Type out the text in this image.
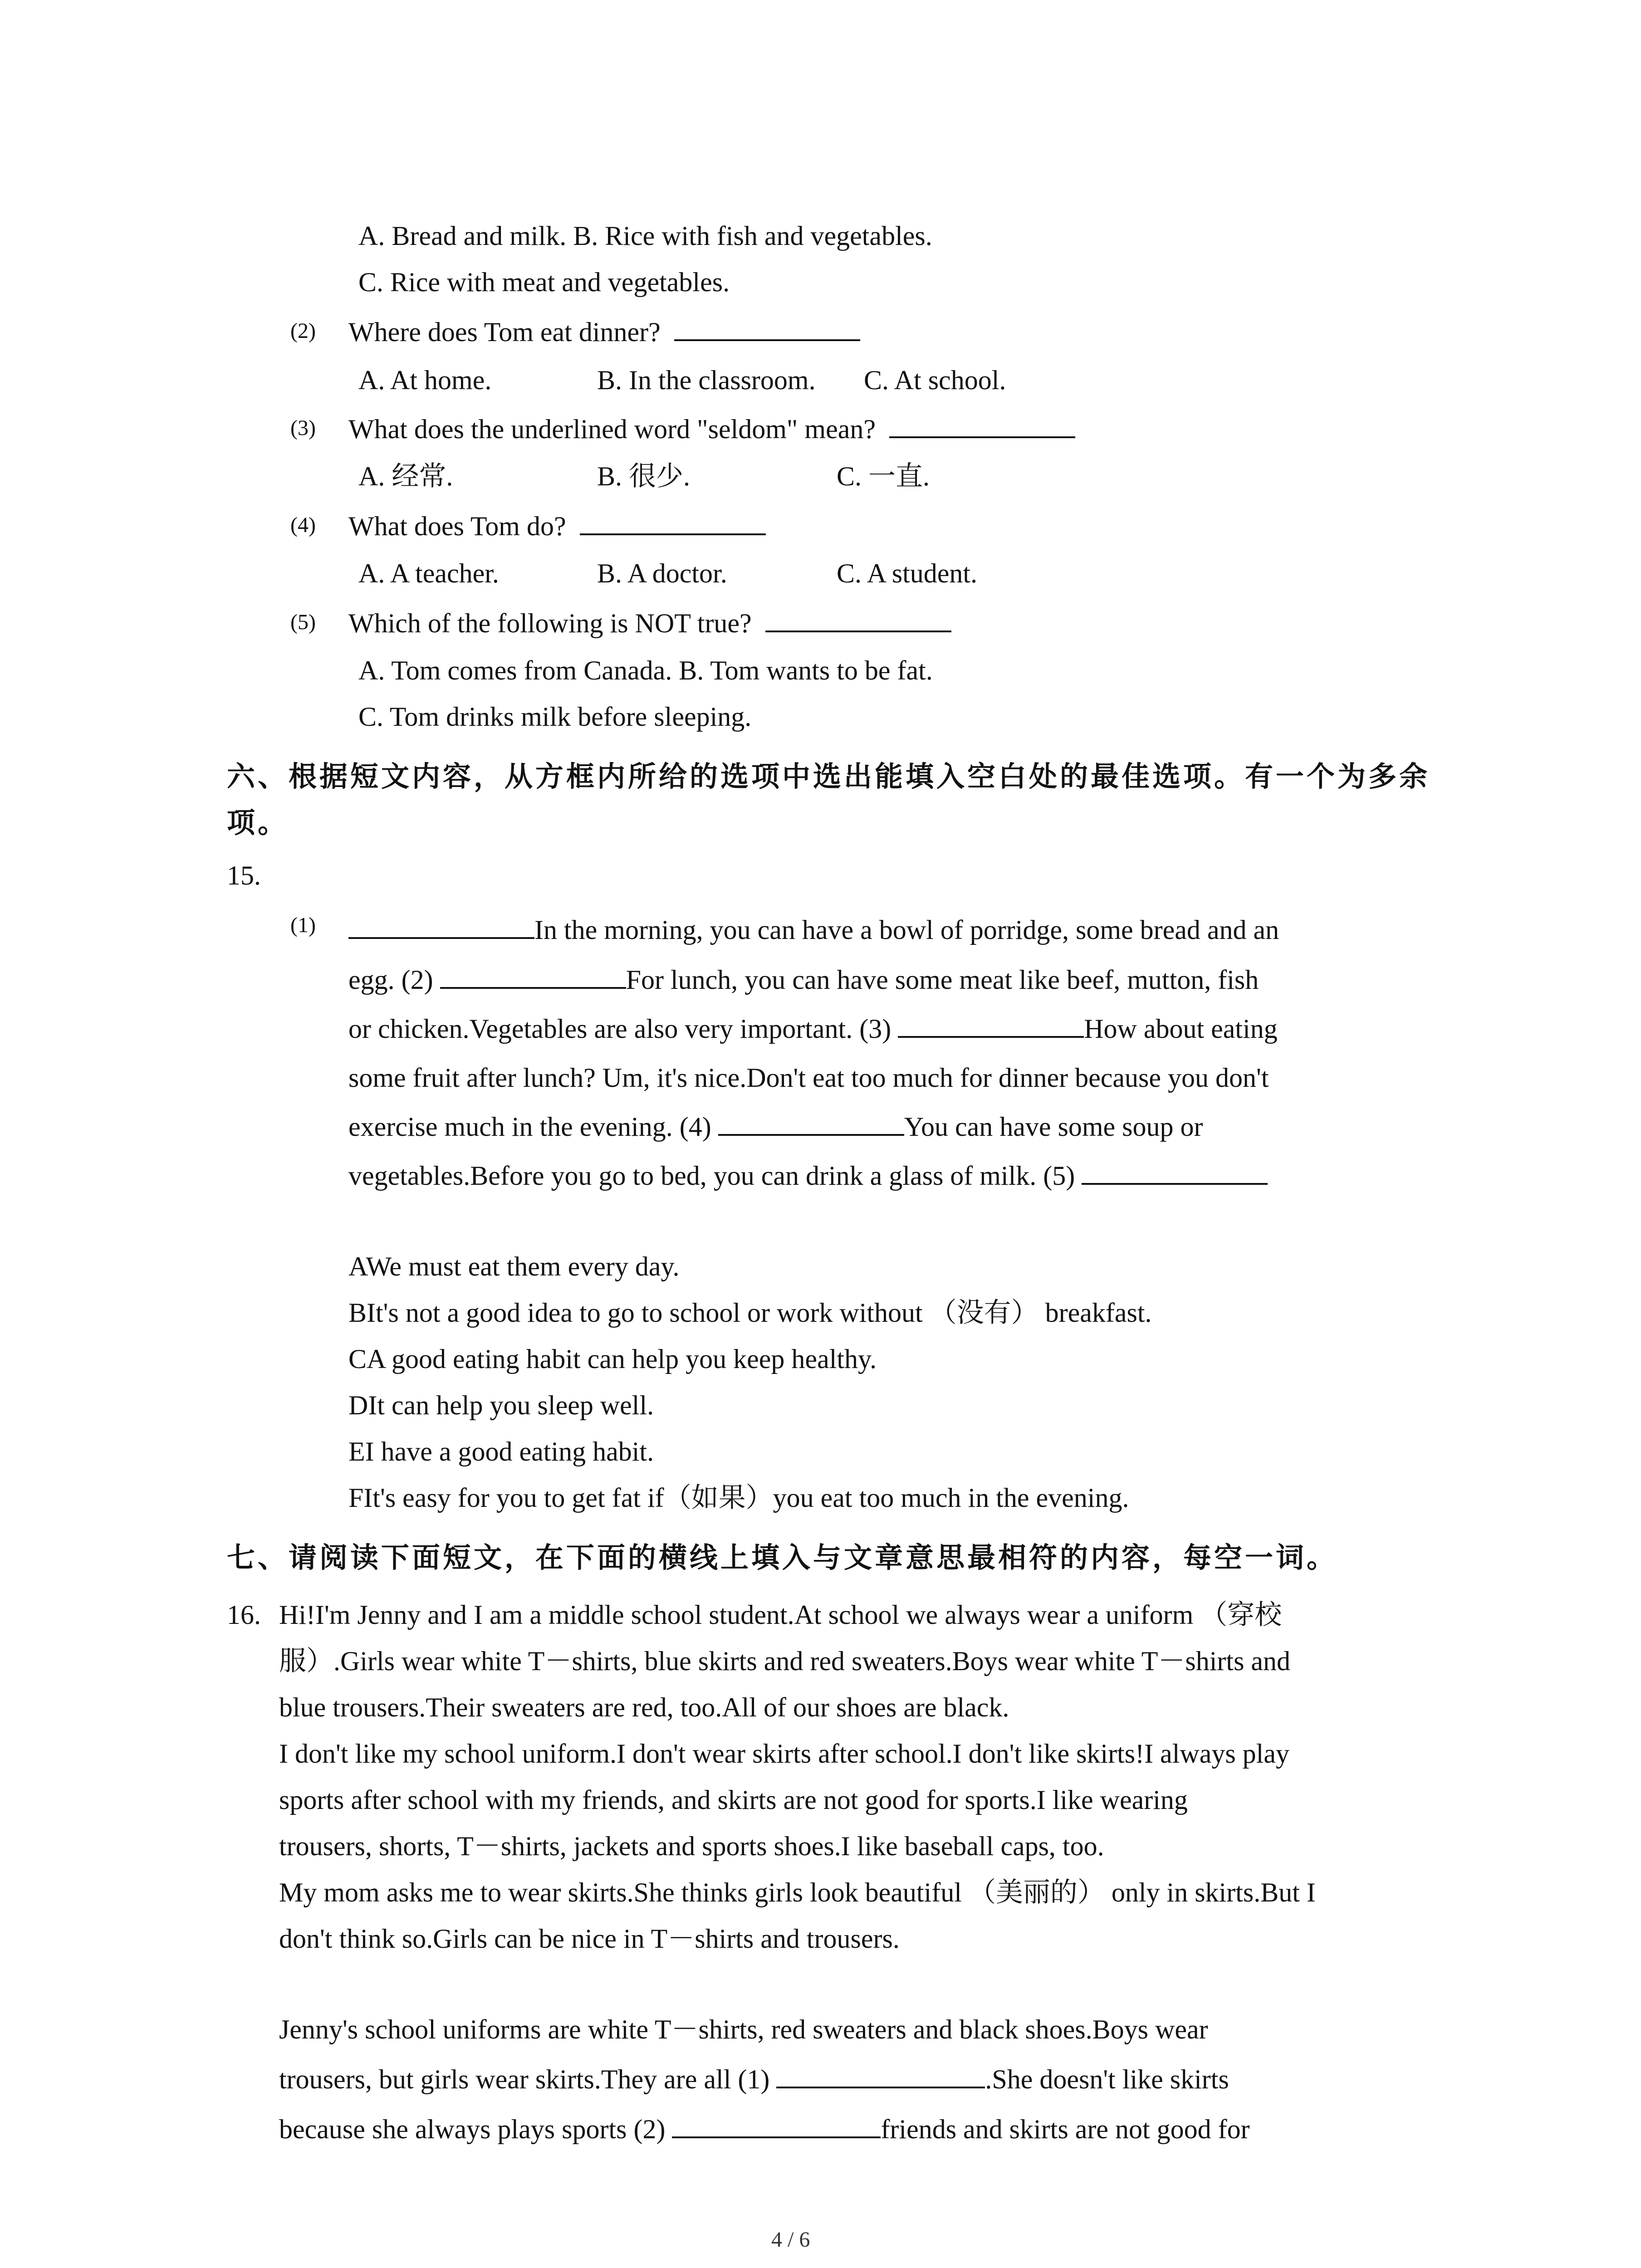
A. Bread and milk. B. Rice with fish and vegetables.
C. Rice with meat and vegetables.
(2) Where does Tom eat dinner?
A. At home.	B. In the classroom. C. At school.
(3) What does the underlined word "seldom" mean?
A. 经常.	B. 很少.	C. 一直.
(4) What does Tom do?
A. A teacher.	B. A doctor.	C. A student.
(5) Which of the following is NOT true?
A. Tom comes from Canada. B. Tom wants to be fat.
C. Tom drinks milk before sleeping.
六、根据短文内容，从方框内所给的选项中选出能填入空白处的最佳选项。有一个为多余
项。
15.
(1)	In the morning, you can have a bowl of porridge, some bread and an
egg. (2)	For lunch, you can have some meat like beef, mutton, fish
or chicken.Vegetables are also very important. (3)	How about eating
some fruit after lunch? Um, it's nice.Don't eat too much for dinner because you don't
exercise much in the evening. (4)	You can have some soup or
vegetables.Before you go to bed, you can drink a glass of milk. (5)
AWe must eat them every day.
BIt's not a good idea to go to school or work without （没有） breakfast.
CA good eating habit can help you keep healthy.
DIt can help you sleep well.
EI have a good eating habit.
FIt's easy for you to get fat if（如果）you eat too much in the evening.
七、请阅读下面短文，在下面的横线上填入与文章意思最相符的内容，每空一词。
16. Hi!I'm Jenny and I am a middle school student.At school we always wear a uniform （穿校
服）.Girls wear white T－shirts, blue skirts and red sweaters.Boys wear white T－shirts and
blue trousers.Their sweaters are red, too.All of our shoes are black.
I don't like my school uniform.I don't wear skirts after school.I don't like skirts!I always play
sports after school with my friends, and skirts are not good for sports.I like wearing
trousers, shorts, T－shirts, jackets and sports shoes.I like baseball caps, too.
My mom asks me to wear skirts.She thinks girls look beautiful （美丽的） only in skirts.But I
don't think so.Girls can be nice in T－shirts and trousers.
Jenny's school uniforms are white T－shirts, red sweaters and black shoes.Boys wear
trousers, but girls wear skirts.They are all (1)	.She doesn't like skirts
because she always plays sports (2)	friends and skirts are not good for
4 / 6
